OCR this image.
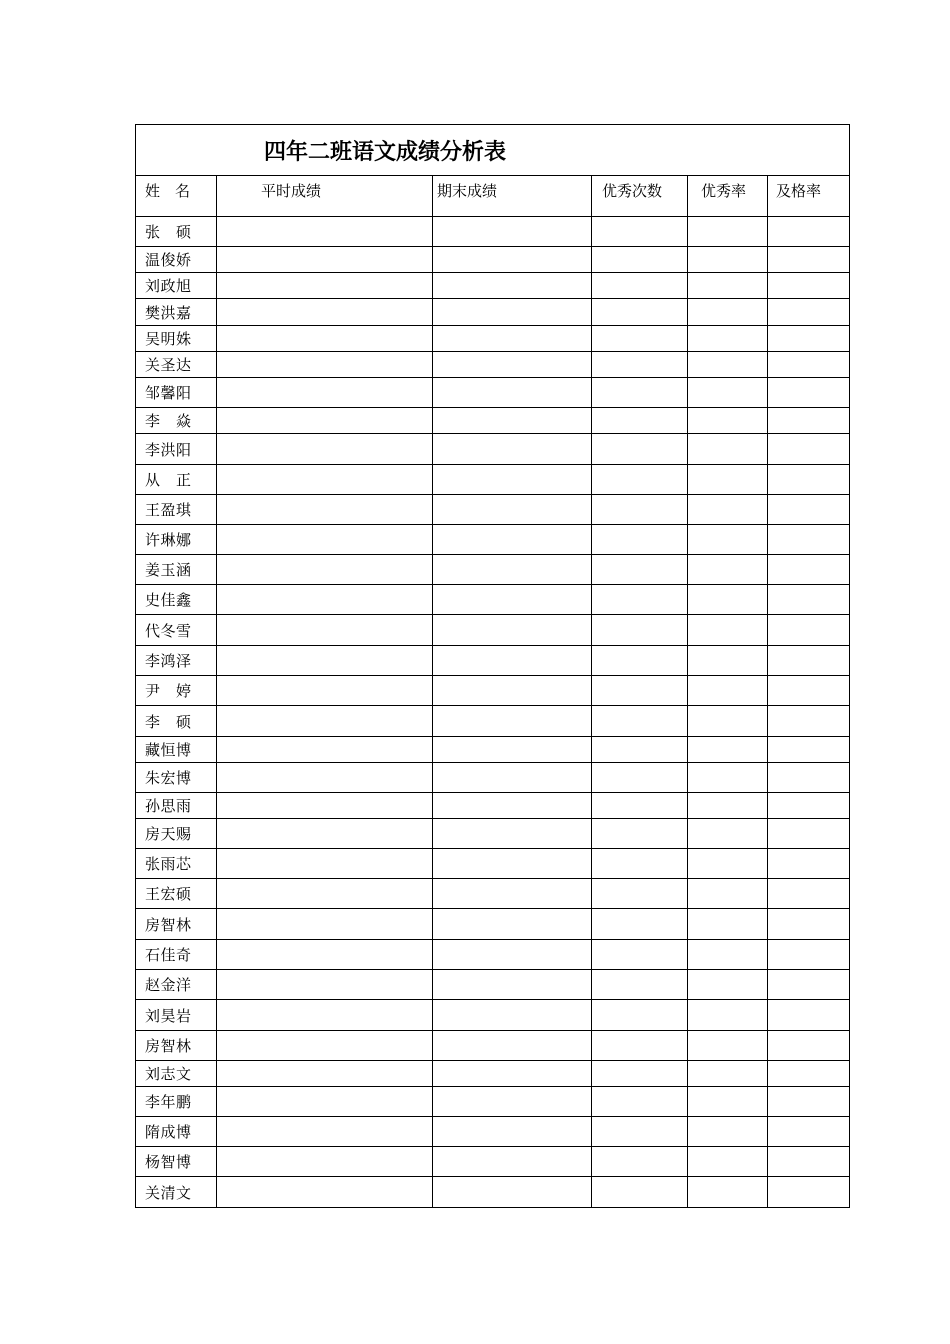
四年二班语文成绩分析表					
姓　名	平时成绩	期末成绩	优秀次数	优秀率	及格率
张　硕					
温俊娇					
刘政旭					
樊洪嘉					
吴明姝					
关圣达					
邹馨阳					
李　焱					
李洪阳					
从　正					
王盈琪					
许琳娜					
姜玉涵					
史佳鑫					
代冬雪					
李鸿泽					
尹　婷					
李　硕					
藏恒博					
朱宏博					
孙思雨					
房天赐					
张雨芯					
王宏硕					
房智林					
石佳奇					
赵金洋					
刘昊岩					
房智林					
刘志文					
李年鹏					
隋成博					
杨智博					
关清文					
